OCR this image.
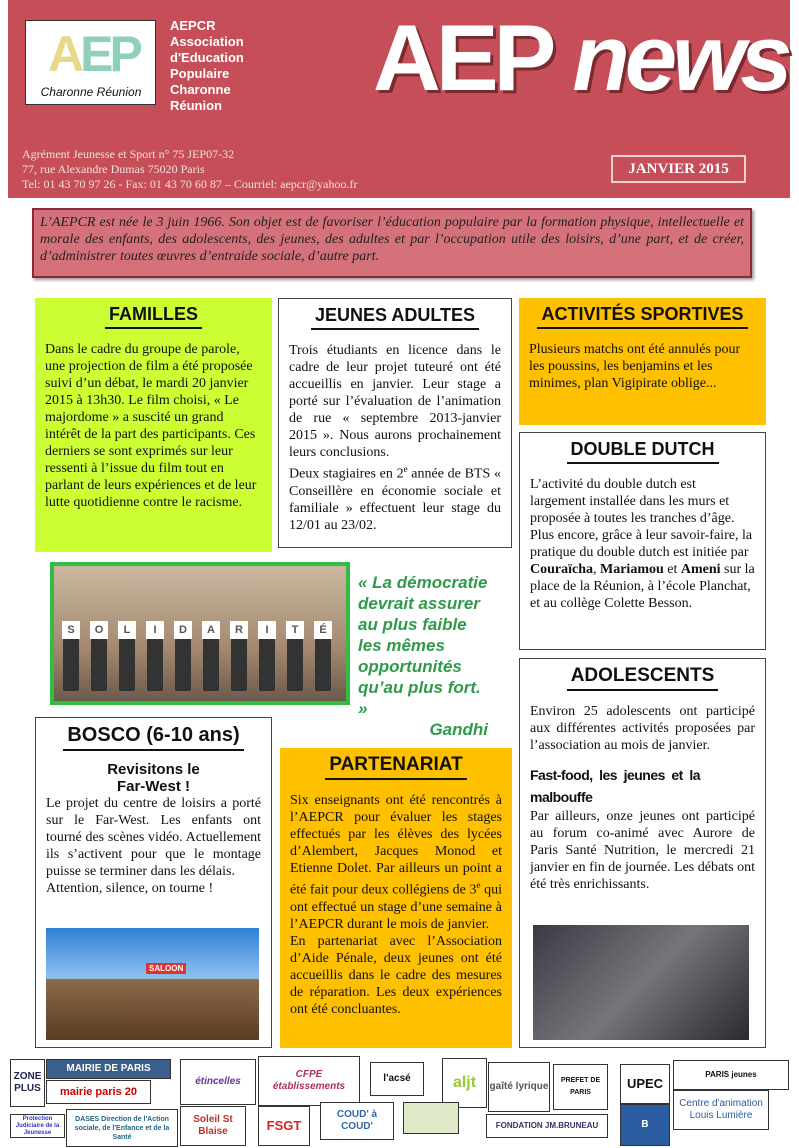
AEP
Charonne Réunion
AEPCR
Association
d'Education
Populaire
Charonne
Réunion AEP news
Agrément Jeunesse et Sport n° 75 JEP07-32
77, rue Alexandre Dumas 75020 Paris
Tel: 01 43 70 97 26 - Fax: 01 43 70 60 87 – Courriel: aepcr@yahoo.fr
JANVIER 2015
L’AEPCR est née le 3 juin 1966. Son objet est de favoriser l’éducation populaire par la formation physique, intellectuelle et morale des enfants, des adolescents, des jeunes, des adultes et par l’occupation utile des loisirs, d’une part, et de créer, d’administrer toutes œuvres d’entraide sociale, d’autre part.
FAMILLES

Dans le cadre du groupe de parole, une projection de film a été proposée suivi d’un débat, le mardi 20 janvier 2015 à 13h30. Le film choisi, « Le majordome » a suscité un grand intérêt de la part des participants. Ces derniers se sont exprimés sur leur ressenti à l’issue du film tout en parlant de leurs expériences et de leur lutte quotidienne contre le racisme.

JEUNES ADULTES

Trois étudiants en licence dans le cadre de leur projet tuteuré ont été accueillis en janvier. Leur stage a porté sur l’évaluation de l’animation de rue « septembre 2013-janvier 2015 ». Nous aurons prochainement leurs conclusions.

Deux stagiaires en 2e année de BTS « Conseillère en économie sociale et familiale » effectuent leur stage du 12/01 au 23/02.

ACTIVITÉS SPORTIVES

Plusieurs matchs ont été annulés pour les poussins, les benjamins et les minimes, plan Vigipirate oblige...

DOUBLE DUTCH

L’activité du double dutch est largement installée dans les murs et proposée à toutes les tranches d’âge. Plus encore, grâce à leur savoir-faire, la pratique du double dutch est initiée par Couraïcha, Mariamou et Ameni sur la place de la Réunion, à l’école Planchat, et au collège Colette Besson.

S	O	L	I	D	A	R	I	T	É
« La démocratie devrait assurer au plus faible les mêmes opportunités qu’au plus fort. »
Gandhi
BOSCO (6-10 ans)
Revisitons le Far-West !

Le projet du centre de loisirs a porté sur le Far-West. Les enfants ont tourné des scènes vidéo. Actuellement ils s’activent pour que le montage puisse se terminer dans les délais.

Attention, silence, on tourne !

SALOON
PARTENARIAT

Six enseignants ont été rencontrés à l’AEPCR pour évaluer les stages effectués par les élèves des lycées d’Alembert, Jacques Monod et Etienne Dolet. Par ailleurs un point a été fait pour deux collégiens de 3e qui ont effectué un stage d’une semaine à l’AEPCR durant le mois de janvier.

En partenariat avec l’Association d’Aide Pénale, deux jeunes ont été accueillis dans le cadre des mesures de réparation. Les deux expériences ont été concluantes.

ADOLESCENTS

Environ 25 adolescents ont participé aux différentes activités proposées par l’association au mois de janvier.

Fast-food, les jeunes et la malbouffe

Par ailleurs, onze jeunes ont participé au forum co-animé avec Aurore de Paris Santé Nutrition, le mercredi 21 janvier en fin de journée. Les débats ont été très enrichissants.

ZONE PLUS
MAIRIE DE PARIS
mairie paris 20
Protection Judiciaire de la Jeunesse
DASES Direction de l'Action sociale, de l'Enfance et de la Santé
étincelles
Soleil St Blaise
CFPE établissements
FSGT
COUD' à COUD'
l'acsé	aljt	gaîté lyrique
FONDATION JM.BRUNEAU
PREFET DE PARIS
UPEC
B
PARIS jeunes
Centre d'animation Louis Lumière
